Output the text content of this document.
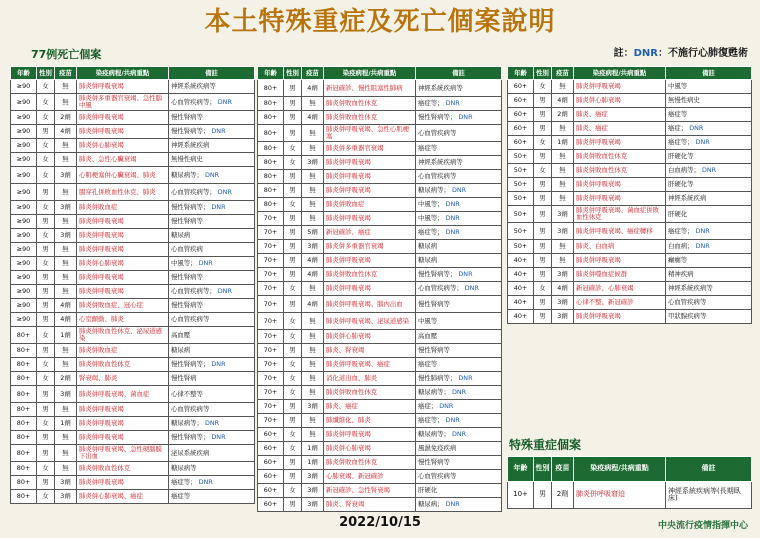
本土特殊重症及死亡個案說明
註：DNR：不施行心肺復甦術
77例死亡個案
年齡	性別	疫苗	染疫病程/共病重點	備註
≥90	女	無	肺炎併呼吸衰竭	神經系統疾病等
≥90	女	無	肺炎併多重器官衰竭、急性腦中風	心血管疾病等； DNR
≥90	女	2劑	肺炎併呼吸衰竭	慢性腎病等
≥90	男	4劑	肺炎併呼吸衰竭	慢性腎病等； DNR
≥90	女	無	肺炎併心肺衰竭	神經系統疾病
≥90	女	無	肺炎、急性心臟衰竭	無慢性病史
≥90	女	3劑	心肌梗塞併心臟衰竭、肺炎	糖尿病等； DNR
≥90	男	無	腸穿孔併敗血性休克、肺炎	心血管疾病等； DNR
≥90	女	3劑	肺炎併敗血症	慢性腎病等； DNR
≥90	男	無	肺炎併呼吸衰竭	慢性腎病等
≥90	女	3劑	肺炎併呼吸衰竭	糖尿病
≥90	男	無	肺炎併呼吸衰竭	心血管疾病
≥90	女	無	肺炎併心肺衰竭	中風等； DNR
≥90	男	無	肺炎併呼吸衰竭	慢性腎病等
≥90	男	無	肺炎併呼吸衰竭	心血管疾病等； DNR
≥90	男	4劑	肺炎併敗血症、冠心症	慢性腎病等
≥90	男	4劑	心室顫動、肺炎	心血管疾病等
80+	女	1劑	肺炎併敗血性休克、泌尿道感染	高血壓
80+	男	無	肺炎併敗血症	糖尿病
80+	女	無	肺炎併敗血性休克	慢性腎病等； DNR
80+	女	2劑	腎衰竭、肺炎	慢性腎病
80+	男	3劑	肺炎併呼吸衰竭、菌血症	心律不整等
80+	男	無	肺炎併呼吸衰竭	心血管疾病等
80+	女	1劑	肺炎併呼吸衰竭	糖尿病等； DNR
80+	男	無	肺炎併呼吸衰竭	慢性腎病等； DNR
80+	男	無	肺炎併呼吸衰竭、急性硬腦膜下出血	泌尿系統疾病
80+	女	無	肺炎併敗血性休克	糖尿病等
80+	男	3劑	肺炎併呼吸衰竭	癌症等； DNR
80+	女	3劑	肺炎併心肺衰竭、癌症	癌症等
年齡	性別	疫苗	染疫病程/共病重點	備註
80+	男	4劑	新冠確診、慢性阻塞性肺病	神經系統疾病等
80+	男	無	肺炎併敗血性休克	癌症等； DNR
80+	男	4劑	肺炎併敗血性休克	慢性腎病等； DNR
80+	男	無	肺炎併呼吸衰竭、急性心肌梗塞	心血管疾病等
80+	女	無	肺炎併多重器官衰竭	癌症等
80+	女	3劑	肺炎併呼吸衰竭	神經系統疾病等
80+	男	無	肺炎併呼吸衰竭	心血管疾病等
80+	男	無	肺炎併呼吸衰竭	糖尿病等； DNR
80+	女	無	肺炎併敗血症	中風等； DNR
70+	男	無	肺炎併呼吸衰竭	中風等； DNR
70+	男	5劑	新冠確診、癌症	癌症等； DNR
70+	男	3劑	肺炎併多重器官衰竭	糖尿病
70+	男	4劑	肺炎併呼吸衰竭	糖尿病
70+	男	4劑	肺炎併敗血性休克	慢性腎病等； DNR
70+	女	無	肺炎併呼吸衰竭	心血管疾病等； DNR
70+	男	4劑	肺炎併呼吸衰竭、腦內出血	慢性腎病等
70+	女	無	肺炎併呼吸衰竭、泌尿道感染	中風等
70+	女	無	肺炎併心肺衰竭	高血壓
70+	男	無	肺炎、腎衰竭	慢性腎病等
70+	女	無	肺炎併呼吸衰竭、癌症	癌症等
70+	女	無	消化道出血、肺炎	慢性肺病等； DNR
70+	女	無	肺炎併敗血性休克	糖尿病等； DNR
70+	男	3劑	肺炎、癌症	癌症； DNR
70+	男	無	肺纖維化、肺炎	癌症等； DNR
60+	女	無	肺炎併呼吸衰竭	糖尿病等； DNR
60+	女	1劑	肺炎併心肺衰竭	風濕免疫疾病
60+	男	1劑	肺炎併敗血性休克	慢性腎病等
60+	男	3劑	心肺衰竭、新冠確診	心血管疾病等
60+	女	3劑	新冠確診、急性腎衰竭	肝硬化
60+	男	3劑	肺炎、腎衰竭	糖尿病； DNR
年齡	性別	疫苗	染疫病程/共病重點	備註
60+	女	無	肺炎併呼吸衰竭	中風等
60+	男	4劑	肺炎併心肺衰竭	無慢性病史
60+	男	2劑	肺炎、癌症	癌症等
60+	男	無	肺炎、癌症	癌症； DNR
60+	女	1劑	肺炎併呼吸衰竭	癌症等； DNR
50+	男	無	肺炎併敗血性休克	肝硬化等
50+	女	無	肺炎併敗血性休克	白血病等； DNR
50+	男	無	肺炎併呼吸衰竭	肝硬化等
50+	男	無	肺炎併呼吸衰竭	神經系統疾病
50+	男	3劑	肺炎併呼吸衰竭、菌血症併敗血性休克	肝硬化
50+	男	3劑	肺炎併呼吸衰竭、癌症轉移	癌症等； DNR
50+	男	無	肺炎、白血病	白血病； DNR
40+	男	無	肺炎併呼吸衰竭	癲癇等
40+	男	3劑	肺炎併噬血症候群	精神疾病
40+	女	4劑	新冠確診、心肺衰竭	神經系統疾病等
40+	男	3劑	心律不整、新冠確診	心血管疾病等
40+	男	3劑	肺炎併呼吸衰竭	甲狀腺疾病等
特殊重症個案
年齡	性別	疫苗	染疫病程/共病重點	備註
10+	男	2劑	肺炎併呼吸窘迫	神經系統疾病等(長期臥床)
2022/10/15	中央流行疫情指揮中心
